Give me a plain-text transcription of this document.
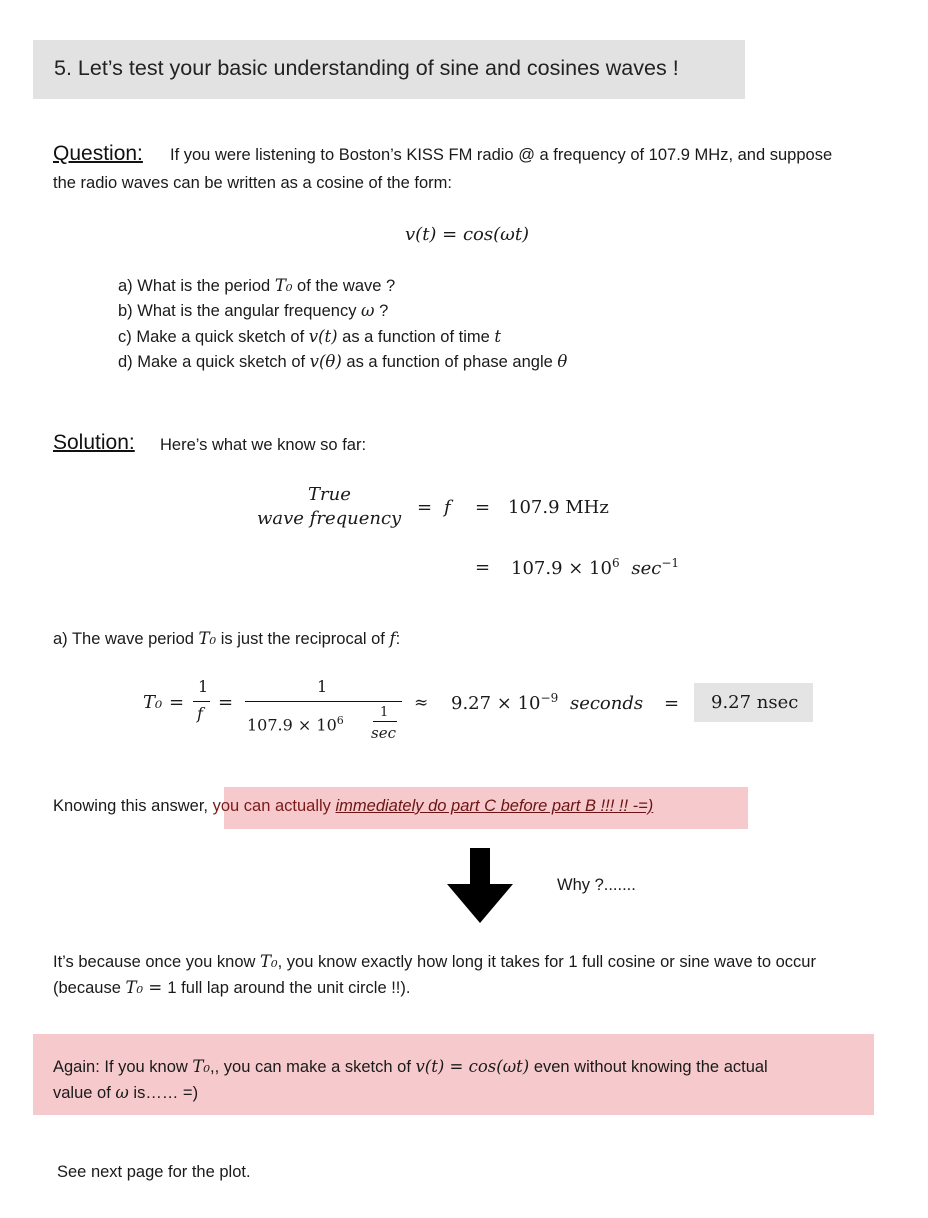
5. Let’s test your basic understanding of sine and cosines waves !
Question: If you were listening to Boston’s KISS FM radio @ a frequency of 107.9 MHz, and suppose
the radio waves can be written as a cosine of the form:
v(t) = cos(ωt)
a) What is the period T₀ of the wave ?
b) What is the angular frequency ω ?
c) Make a quick sketch of v(t) as a function of time t
d) Make a quick sketch of v(θ) as a function of phase angle θ
Solution: Here’s what we know so far:
True
wave frequency
= f = 107.9 MHz
= $107.9 \times 10^6$ $\sec^{-1}$
a) The wave period T₀ is just the reciprocal of f:
T₀ =
1
f
=
1
$107.9 \times 10^6$
1
sec
≈ $9.27 \times 10^{-9}$ seconds = 9.27 nsec
Knowing this answer, you can actually immediately do part C before part B !!! !! -=)
Why ?.......
It’s because once you know T₀, you know exactly how long it takes for 1 full cosine or sine wave to occur
(because T₀ = 1 full lap around the unit circle !!).
Again: If you know T₀,, you can make a sketch of v(t) = cos(ωt) even without knowing the actual
value of ω is…… =)
See next page for the plot.
